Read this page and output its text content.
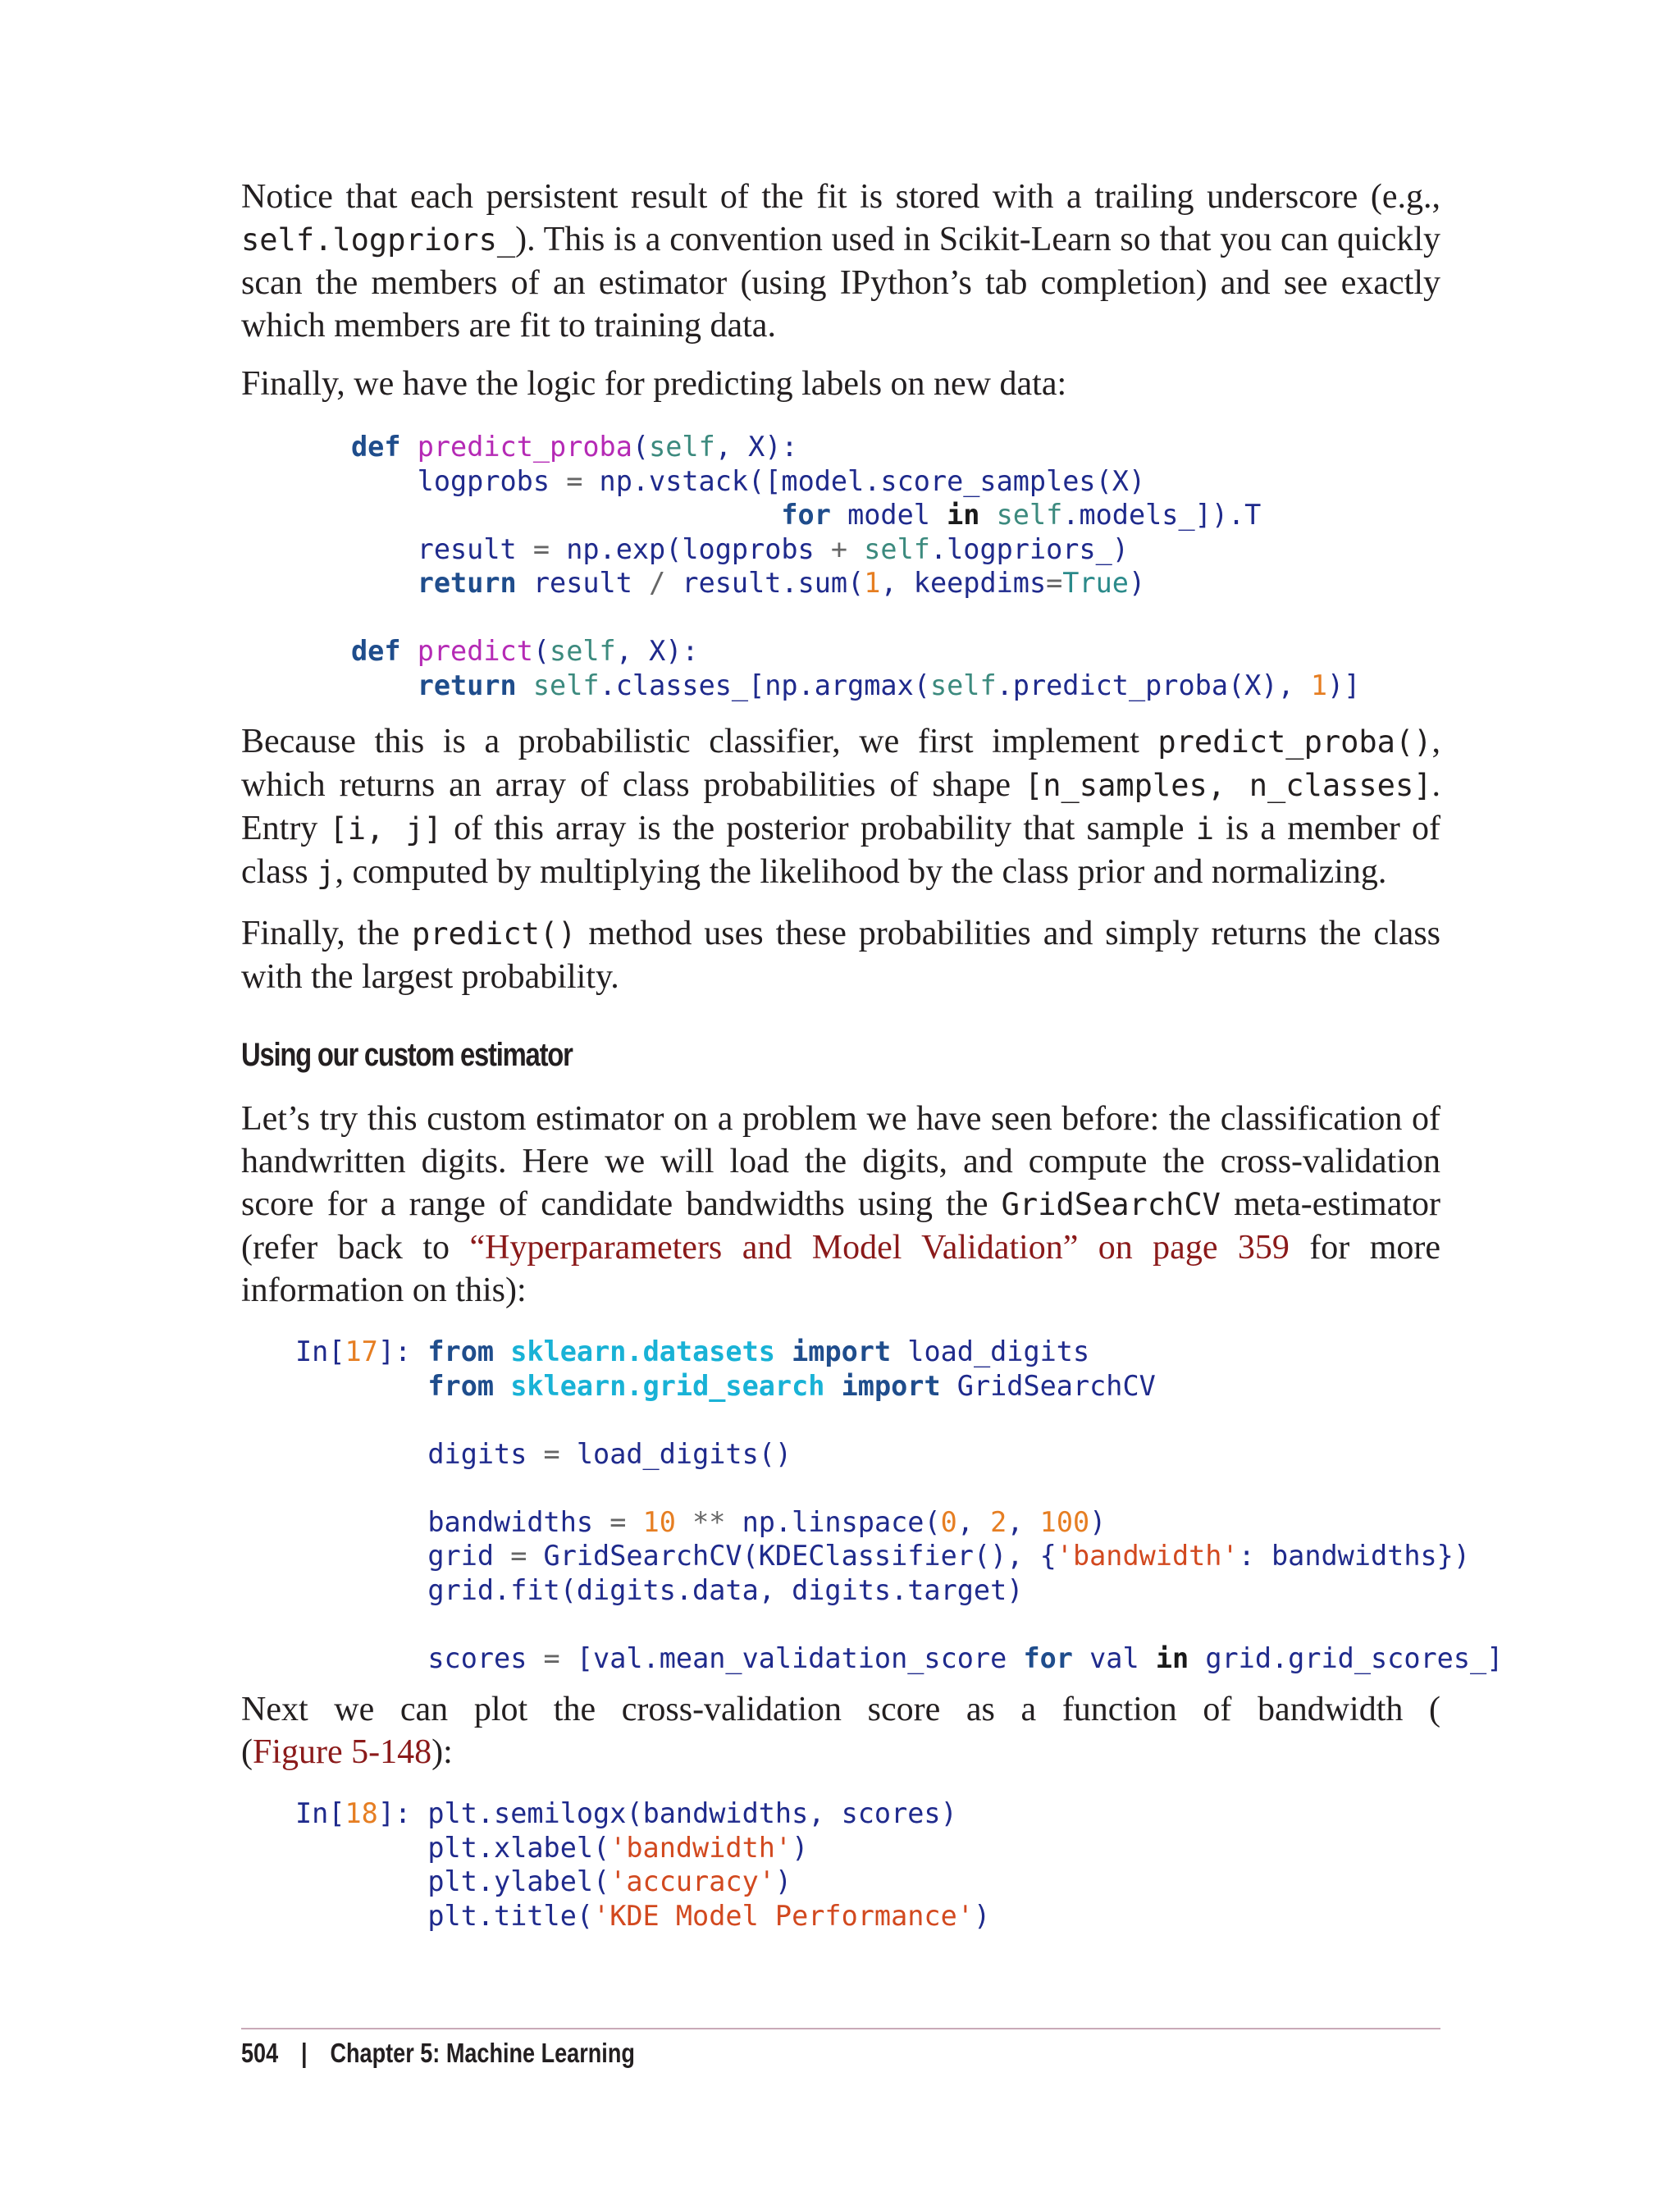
Notice that each persistent result of the fit is stored with a trailing underscore (e.g., self.logpriors_). This is a convention used in Scikit-Learn so that you can quickly scan the members of an estimator (using IPython’s tab completion) and see exactly which members are fit to training data.

Finally, we have the logic for predicting labels on new data:

def predict_proba(self, X):
logprobs = np.vstack([model.score_samples(X)
for model in self.models_]).T
result = np.exp(logprobs + self.logpriors_)
return result / result.sum(1, keepdims=True)

def predict(self, X):
return self.classes_[np.argmax(self.predict_proba(X), 1)]

Because this is a probabilistic classifier, we first implement predict_proba(), which returns an array of class probabilities of shape [n_samples, n_classes]. Entry [i, j] of this array is the posterior probability that sample i is a member of class j, computed by multiplying the likelihood by the class prior and normalizing.

Finally, the predict() method uses these probabilities and simply returns the class with the largest probability.

Using our custom estimator

Let’s try this custom estimator on a problem we have seen before: the classification of handwritten digits. Here we will load the digits, and compute the cross-validation score for a range of candidate bandwidths using the GridSearchCV meta-estimator (refer back to “Hyperparameters and Model Validation” on page 359 for more information on this):

In[17]: from sklearn.datasets import load_digits
from sklearn.grid_search import GridSearchCV

digits = load_digits()

bandwidths = 10 ** np.linspace(0, 2, 100)
grid = GridSearchCV(KDEClassifier(), {'bandwidth': bandwidths})
grid.fit(digits.data, digits.target)

scores = [val.mean_validation_score for val in grid.grid_scores_]

Next we can plot the cross-validation score as a function of bandwidth (

(Figure 5-148):

In[18]: plt.semilogx(bandwidths, scores)
plt.xlabel('bandwidth')
plt.ylabel('accuracy')
plt.title('KDE Model Performance')
504 | Chapter 5: Machine Learning
